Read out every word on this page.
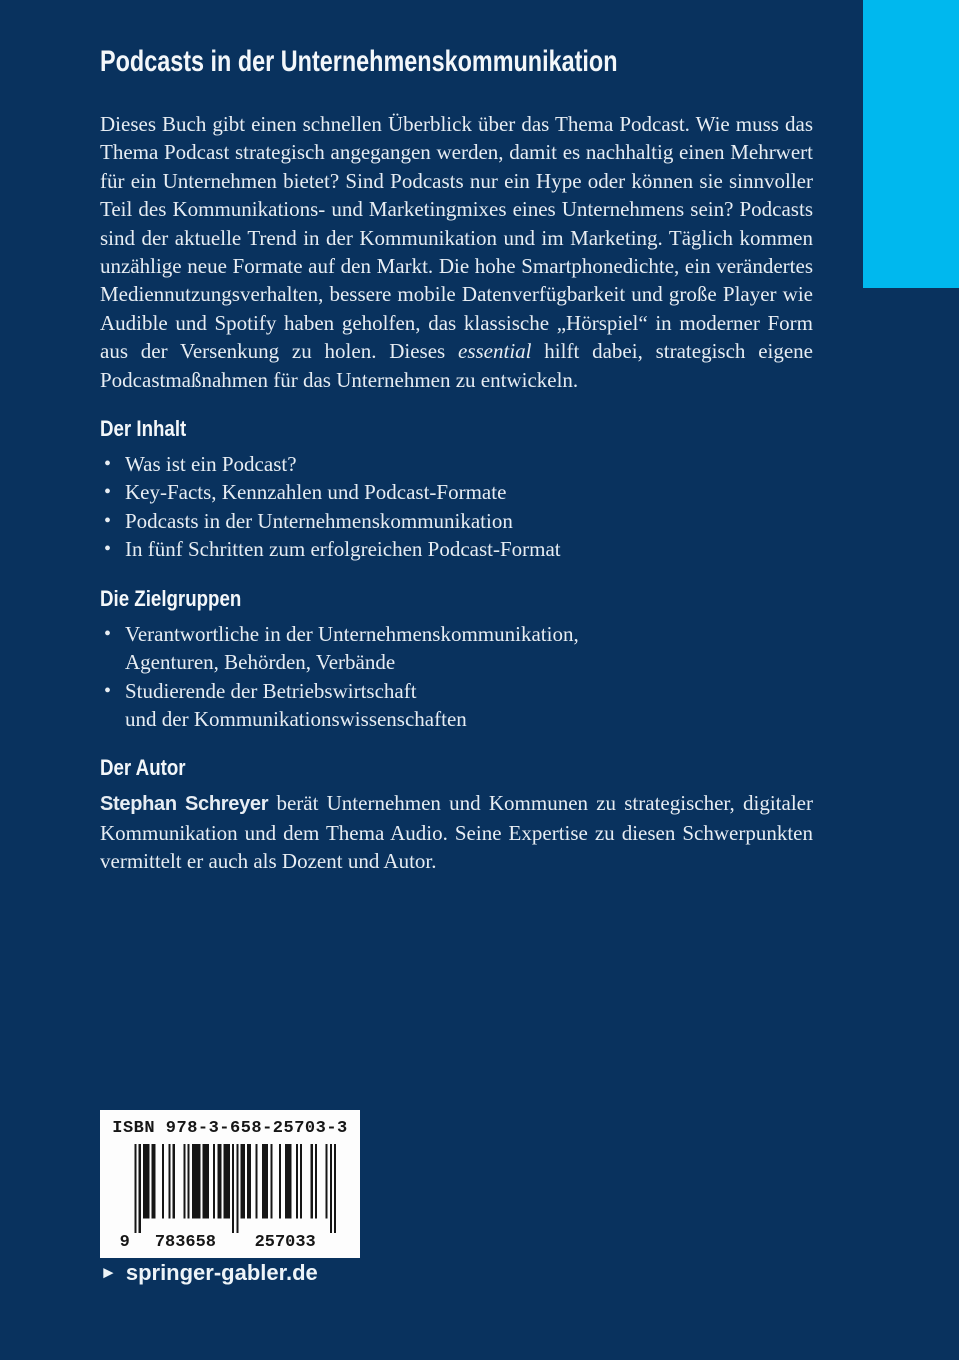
Podcasts in der Unternehmenskommunikation

Dieses Buch gibt einen schnellen Überblick über das Thema Podcast. Wie muss das Thema Podcast strategisch angegangen werden, damit es nachhaltig einen Mehrwert für ein Unternehmen bietet? Sind Podcasts nur ein Hype oder können sie sinnvoller Teil des Kommunikations- und Marketingmixes eines Unternehmens sein? Podcasts sind der aktuelle Trend in der Kommunikation und im Marketing. Täglich kommen unzählige neue Formate auf den Markt. Die hohe Smartphonedichte, ein verändertes Mediennutzungsverhalten, bessere mobile Datenverfügbarkeit und große Player wie Audible und Spotify haben geholfen, das klassische „Hörspiel“ in moderner Form aus der Versenkung zu holen. Dieses essential hilft dabei, strategisch eigene Podcastmaßnahmen für das Unternehmen zu entwickeln.

Der Inhalt
• Was ist ein Podcast?
• Key-Facts, Kennzahlen und Podcast-Formate
• Podcasts in der Unternehmenskommunikation
• In fünf Schritten zum erfolgreichen Podcast-Format
Die Zielgruppen
• Verantwortliche in der Unternehmenskommunikation,
Agenturen, Behörden, Verbände
• Studierende der Betriebswirtschaft
und der Kommunikationswissenschaften
Der Autor

Stephan Schreyer berät Unternehmen und Kommunen zu strategischer, digitaler Kommunikation und dem Thema Audio. Seine Expertise zu diesen Schwerpunkten vermittelt er auch als Dozent und Autor.

ISBN 978-3-658-25703-3
9	783658	257033
► springer-gabler.de
